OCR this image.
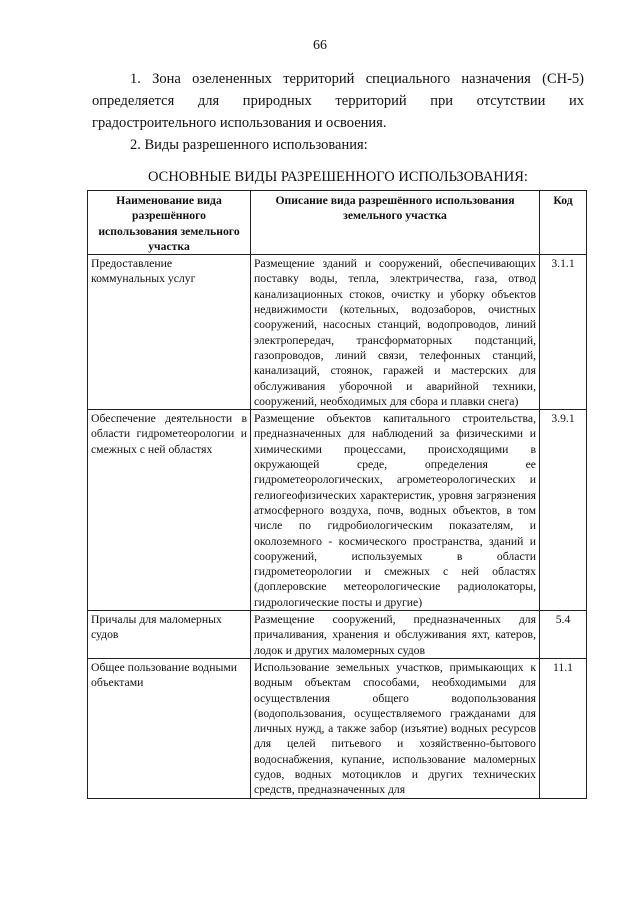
66

1. Зона озелененных территорий специального назначения (СН-5) определяется для природных территорий при отсутствии их градостроительного использования и освоения.

2. Виды разрешенного использования:

ОСНОВНЫЕ ВИДЫ РАЗРЕШЕННОГО ИСПОЛЬЗОВАНИЯ:
Наименование вида разрешённого использования земельного участка	Описание вида разрешённого использования земельного участка	Код
Предоставление коммунальных услуг	Размещение зданий и сооружений, обеспечивающих поставку воды, тепла, электричества, газа, отвод канализационных стоков, очистку и уборку объектов недвижимости (котельных, водозаборов, очистных сооружений, насосных станций, водопроводов, линий электропередач, трансформаторных подстанций, газопроводов, линий связи, телефонных станций, канализаций, стоянок, гаражей и мастерских для обслуживания уборочной и аварийной техники, сооружений, необходимых для сбора и плавки снега)	3.1.1
Обеспечение деятельности в области гидрометеорологии и смежных с ней областях	Размещение объектов капитального строительства, предназначенных для наблюдений за физическими и химическими процессами, происходящими в окружающей среде, определения ее гидрометеорологических, агрометеорологических и гелиогеофизических характеристик, уровня загрязнения атмосферного воздуха, почв, водных объектов, в том числе по гидробиологическим показателям, и околоземного - космического пространства, зданий и сооружений, используемых в области гидрометеорологии и смежных с ней областях (доплеровские метеорологические радиолокаторы, гидрологические посты и другие)	3.9.1
Причалы для маломерных судов	Размещение сооружений, предназначенных для причаливания, хранения и обслуживания яхт, катеров, лодок и других маломерных судов	5.4
Общее пользование водными объектами	Использование земельных участков, примыкающих к водным объектам способами, необходимыми для осуществления общего водопользования (водопользования, осуществляемого гражданами для личных нужд, а также забор (изъятие) водных ресурсов для целей питьевого и хозяйственно-бытового водоснабжения, купание, использование маломерных судов, водных мотоциклов и других технических средств, предназначенных для	11.1
